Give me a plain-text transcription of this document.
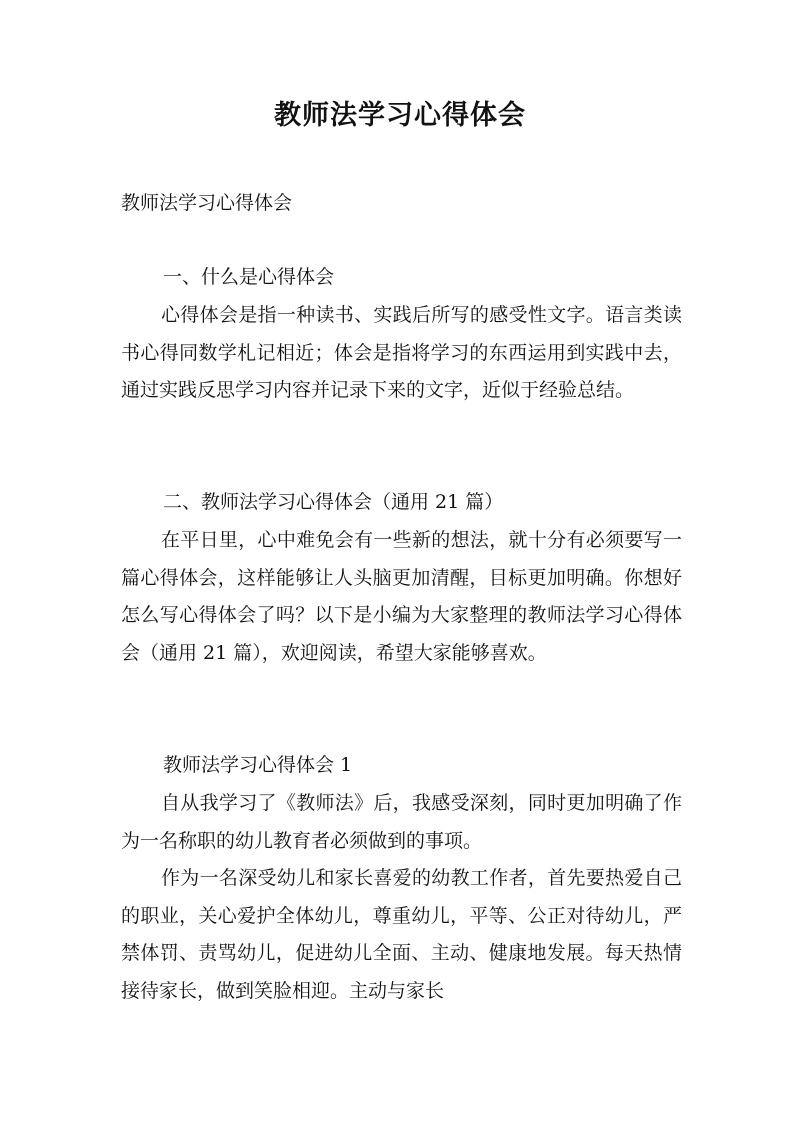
教师法学习心得体会
教师法学习心得体会
一、什么是心得体会

心得体会是指一种读书、实践后所写的感受性文字。语言类读书心得同数学札记相近；体会是指将学习的东西运用到实践中去，通过实践反思学习内容并记录下来的文字，近似于经验总结。

二、教师法学习心得体会（通用 21 篇）

在平日里，心中难免会有一些新的想法，就十分有必须要写一篇心得体会，这样能够让人头脑更加清醒，目标更加明确。你想好怎么写心得体会了吗？以下是小编为大家整理的教师法学习心得体会（通用 21 篇），欢迎阅读，希望大家能够喜欢。

教师法学习心得体会 1

自从我学习了《教师法》后，我感受深刻，同时更加明确了作为一名称职的幼儿教育者必须做到的事项。

作为一名深受幼儿和家长喜爱的幼教工作者，首先要热爱自己的职业，关心爱护全体幼儿，尊重幼儿，平等、公正对待幼儿，严禁体罚、责骂幼儿，促进幼儿全面、主动、健康地发展。每天热情接待家长，做到笑脸相迎。主动与家长
